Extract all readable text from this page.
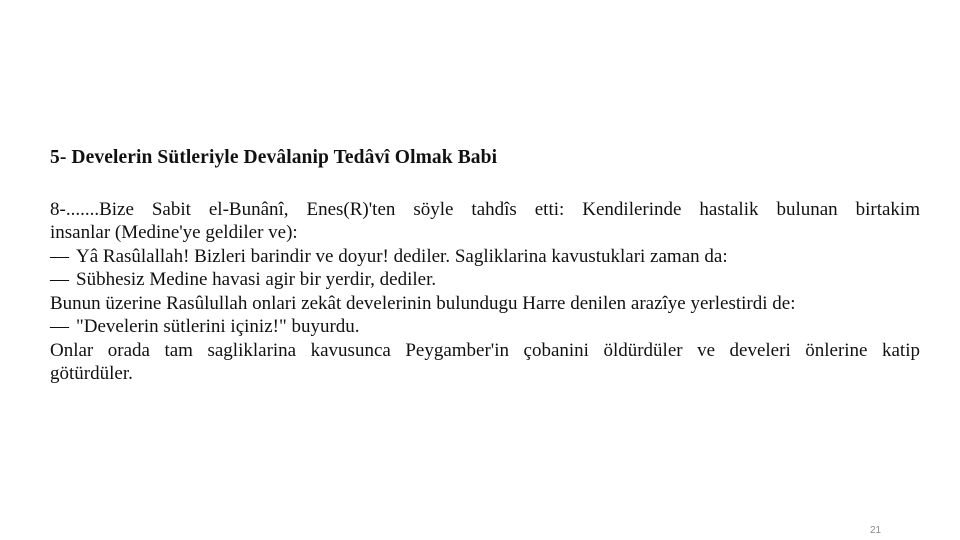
5- Develerin Sütleriyle Devâlanip Tedâvî Olmak Babi
8-.......Bize Sabit el-Bunânî, Enes(R)'ten söyle tahdîs etti: Kendilerinde hastalik bulunan birtakim
insanlar (Medine'ye geldiler ve):
— Yâ Rasûlallah! Bizleri barindir ve doyur! dediler. Sagliklarina kavustuklari zaman da:
— Sübhesiz Medine havasi agir bir yerdir, dediler.
Bunun üzerine Rasûlullah onlari zekât develerinin bulundugu Harre denilen arazîye yerlestirdi de:
— "Develerin sütlerini içiniz!" buyurdu.
Onlar orada tam sagliklarina kavusunca Peygamber'in çobanini öldürdüler ve develeri önlerine katip
götürdüler.
21
